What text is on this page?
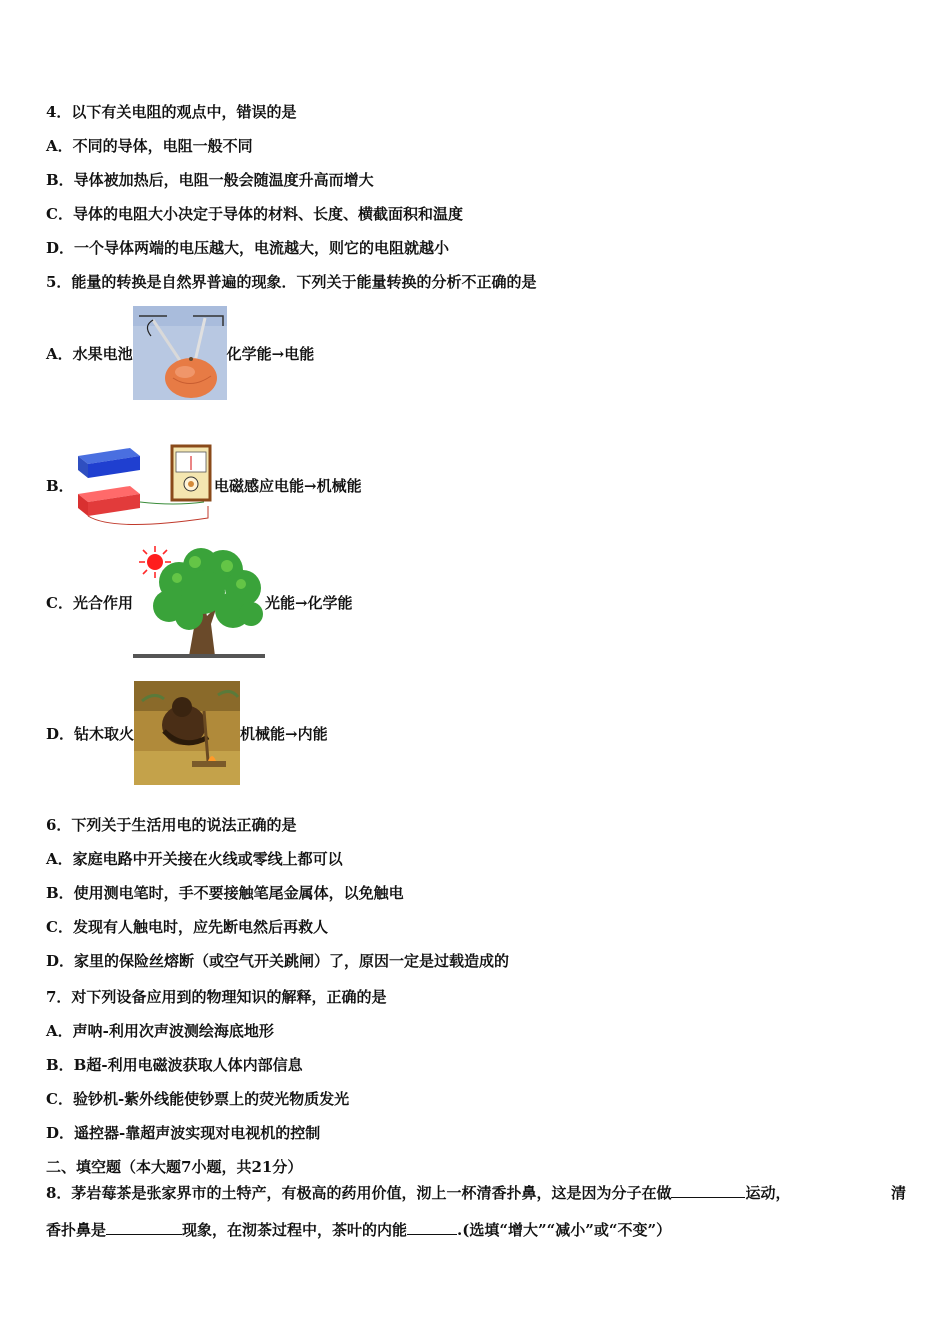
4．以下有关电阻的观点中，错误的是
A．不同的导体，电阻一般不同
B．导体被加热后，电阻一般会随温度升高而增大
C．导体的电阻大小决定于导体的材料、长度、横截面积和温度
D．一个导体两端的电压越大，电流越大，则它的电阻就越小
5．能量的转换是自然界普遍的现象．下列关于能量转换的分析不正确的是
A．水果电池	化学能→电能
B．	电磁感应电能→机械能
C．光合作用	光能→化学能
D．钻木取火	机械能→内能
6．下列关于生活用电的说法正确的是
A．家庭电路中开关接在火线或零线上都可以
B．使用测电笔时，手不要接触笔尾金属体，以免触电
C．发现有人触电时，应先断电然后再救人
D．家里的保险丝熔断（或空气开关跳闸）了，原因一定是过载造成的
7．对下列设备应用到的物理知识的解释，正确的是
A．声呐-利用次声波测绘海底地形
B．B超-利用电磁波获取人体内部信息
C．验钞机-紫外线能使钞票上的荧光物质发光
D．遥控器-靠超声波实现对电视机的控制
二、填空题（本大题7小题，共21分）
8．茅岩莓茶是张家界市的土特产，有极高的药用价值，沏上一杯清香扑鼻，这是因为分子在做	运动，	清
香扑鼻是	现象，在沏茶过程中，茶叶的内能	.(选填“增大”“减小”或“不变”）
